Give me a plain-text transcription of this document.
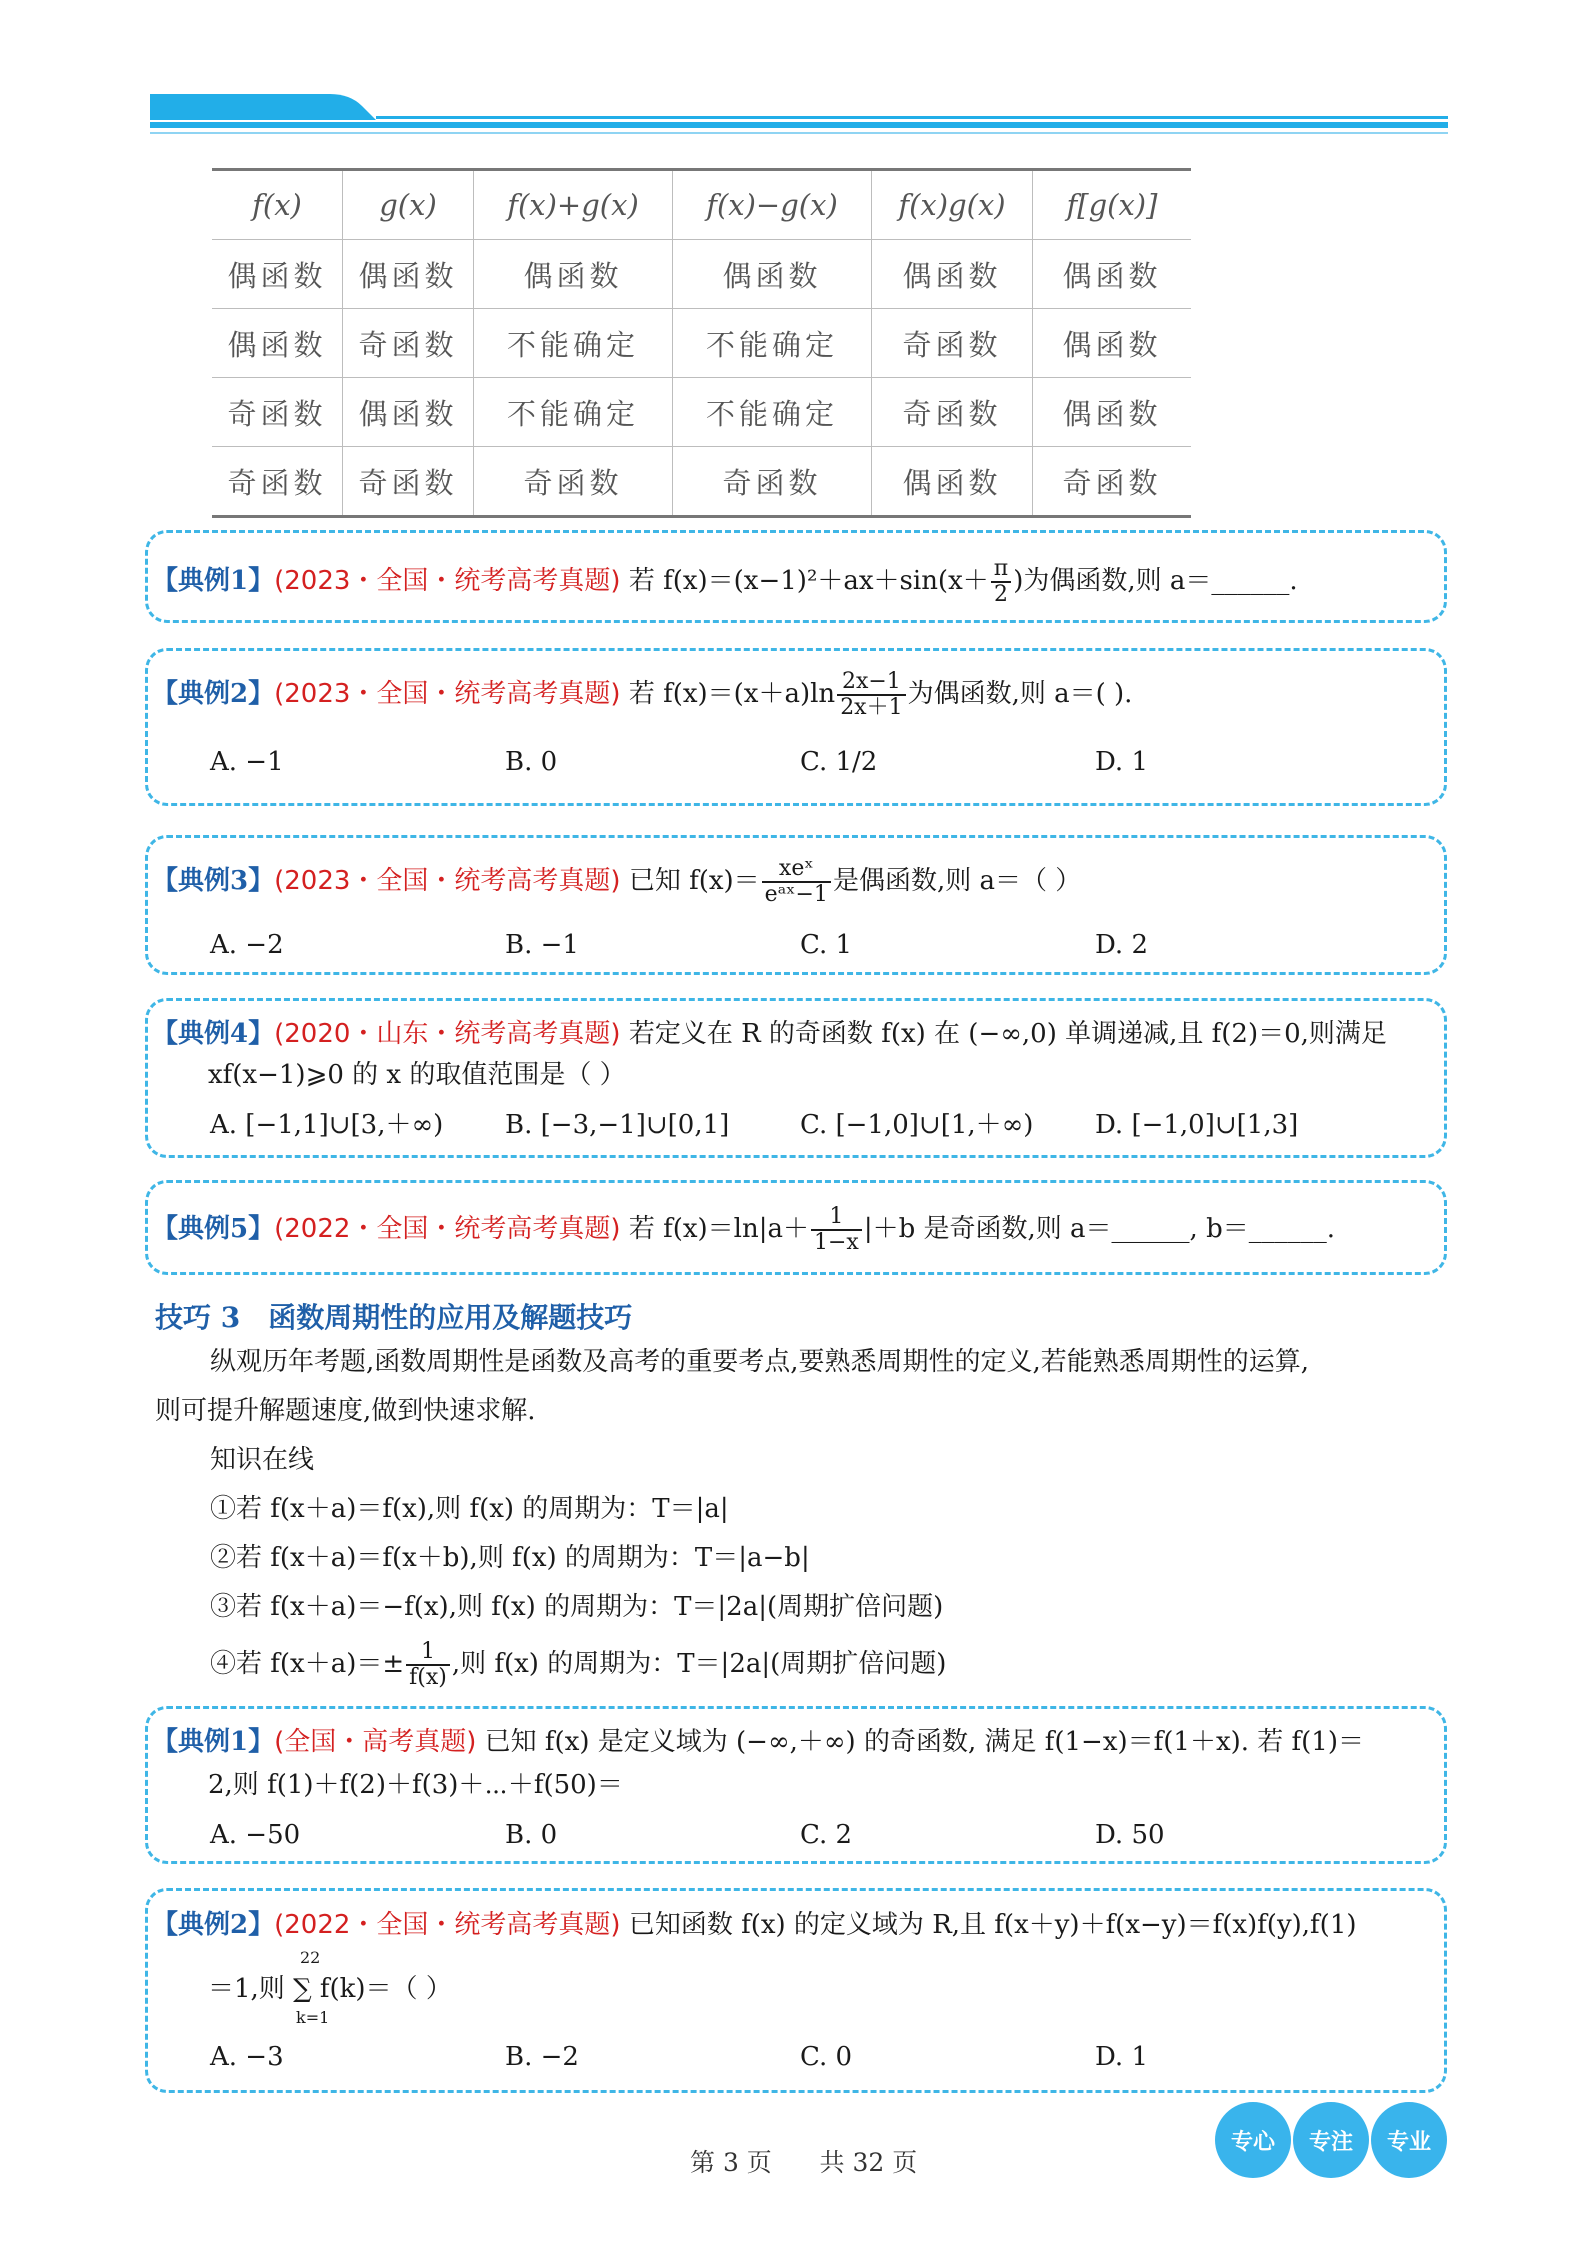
f(x)	g(x)	f(x)+g(x)	f(x)−g(x)	f(x)g(x)	f[g(x)]
偶函数	偶函数	偶函数	偶函数	偶函数	偶函数
偶函数	奇函数	不能确定	不能确定	奇函数	偶函数
奇函数	偶函数	不能确定	不能确定	奇函数	偶函数
奇函数	奇函数	奇函数	奇函数	偶函数	奇函数
【典例1】(2023・全国・统考高考真题) 若 $f(x)=(x-1)^2+ax+\sin(x+ \frac{\pi}{2}$ )为偶函数,则 a＝______.
【典例2】(2023・全国・统考高考真题) 若 $f(x)=(x+a)\ln \frac{2x-1}{2x+1}$ 为偶函数,则 a＝( ).
A. −1	B. 0	C. 1/2	D. 1
【典例3】(2023・全国・统考高考真题) 已知 $f(x)= \frac{\text{xeˣ}}{\text{eᵃˣ−1}}$ 是偶函数,则 a＝（ ）
A. −2	B. −1	C. 1	D. 2
【典例4】(2020・山东・统考高考真题) 若定义在 R 的奇函数 f(x) 在 (−∞,0) 单调递减,且 f(2)＝0,则满足
xf(x−1)⩾0 的 x 的取值范围是（ ）
A. [−1,1]∪[3,＋∞) B. [−3,−1]∪[0,1]	C. [−1,0]∪[1,＋∞) D. [−1,0]∪[1,3]
【典例5】(2022・全国・统考高考真题) 若 $f(x)=\ln|a+ \frac{1}{1-x} |+b$ 是奇函数,则 a＝______, b＝______.
技巧 3　函数周期性的应用及解题技巧
纵观历年考题,函数周期性是函数及高考的重要考点,要熟悉周期性的定义,若能熟悉周期性的运算,
则可提升解题速度,做到快速求解.
知识在线
①若 f(x＋a)＝f(x),则 f(x) 的周期为：T＝|a|
②若 f(x＋a)＝f(x＋b),则 f(x) 的周期为：T＝|a−b|
③若 f(x＋a)＝−f(x),则 f(x) 的周期为：T＝|2a|(周期扩倍问题)
④若 $f(x+a)=\pm \frac{1}{f(x)}$ ,则 f(x) 的周期为：T＝|2a|(周期扩倍问题)
【典例1】(全国・高考真题) 已知 f(x) 是定义域为 (−∞,＋∞) 的奇函数, 满足 f(1−x)＝f(1＋x). 若 f(1)＝
2,则 f(1)＋f(2)＋f(3)＋⋯＋f(50)＝
A. −50	B. 0	C. 2	D. 50
【典例2】(2022・全国・统考高考真题) 已知函数 f(x) 的定义域为 R,且 f(x＋y)＋f(x−y)＝f(x)f(y),f(1)
＝1,则 ∑ f(k)＝（ ）
22
k=1
A. −3	B. −2	C. 0	D. 1
第 3 页 共 32 页
专心	专注	专业
